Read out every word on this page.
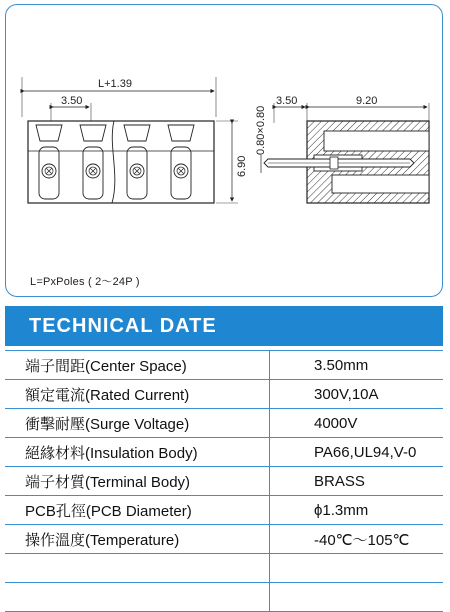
L+1.39
3.50
6.90
0.80×0.80
3.50	9.20
L=PxPoles ( 2～24P )
TECHNICAL DATE
端子間距(Center Space)	3.50mm
額定電流(Rated Current)	300V,10A
衝擊耐壓(Surge Voltage)	4000V
絕緣材料(Insulation Body)	PA66,UL94,V-0
端子材質(Terminal Body)	BRASS
PCB孔徑(PCB Diameter)	ϕ1.3mm
操作溫度(Temperature)	-40℃～105℃
